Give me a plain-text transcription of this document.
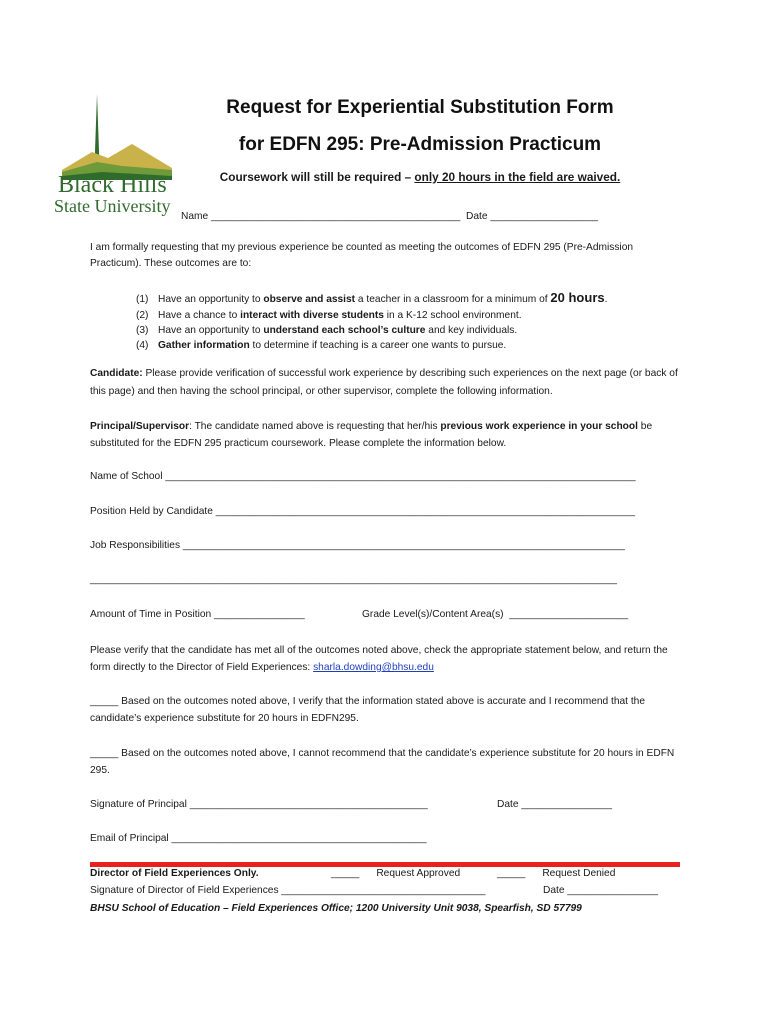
Black Hills
State University
Request for Experiential Substitution Form
for EDFN 295: Pre-Admission Practicum
Coursework will still be required – only 20 hours in the field are waived.
Name ____________________________________________ Date ___________________
I am formally requesting that my previous experience be counted as meeting the outcomes of EDFN 295 (Pre-Admission Practicum). These outcomes are to:
(1) Have an opportunity to observe and assist a teacher in a classroom for a minimum of 20 hours.
(2) Have a chance to interact with diverse students in a K-12 school environment.
(3) Have an opportunity to understand each school’s culture and key individuals.
(4) Gather information to determine if teaching is a career one wants to pursue.
Candidate: Please provide verification of successful work experience by describing such experiences on the next page (or back of this page) and then having the school principal, or other supervisor, complete the following information.
Principal/Supervisor: The candidate named above is requesting that her/his previous work experience in your school be substituted for the EDFN 295 practicum coursework. Please complete the information below.
Name of School ___________________________________________________________________________________
Position Held by Candidate __________________________________________________________________________
Job Responsibilities ______________________________________________________________________________
_____________________________________________________________________________________________
Amount of Time in Position ________________	Grade Level(s)/Content Area(s) _____________________
Please verify that the candidate has met all of the outcomes noted above, check the appropriate statement below, and return the form directly to the Director of Field Experiences: sharla.dowding@bhsu.edu
_____ Based on the outcomes noted above, I verify that the information stated above is accurate and I recommend that the candidate’s experience substitute for 20 hours in EDFN295.
_____ Based on the outcomes noted above, I cannot recommend that the candidate’s experience substitute for 20 hours in EDFN 295.
Signature of Principal __________________________________________	Date ________________
Email of Principal _____________________________________________
Director of Field Experiences Only.	_____ Request Approved	_____ Request Denied
Signature of Director of Field Experiences ____________________________________	Date ________________
BHSU School of Education – Field Experiences Office; 1200 University Unit 9038, Spearfish, SD 57799
